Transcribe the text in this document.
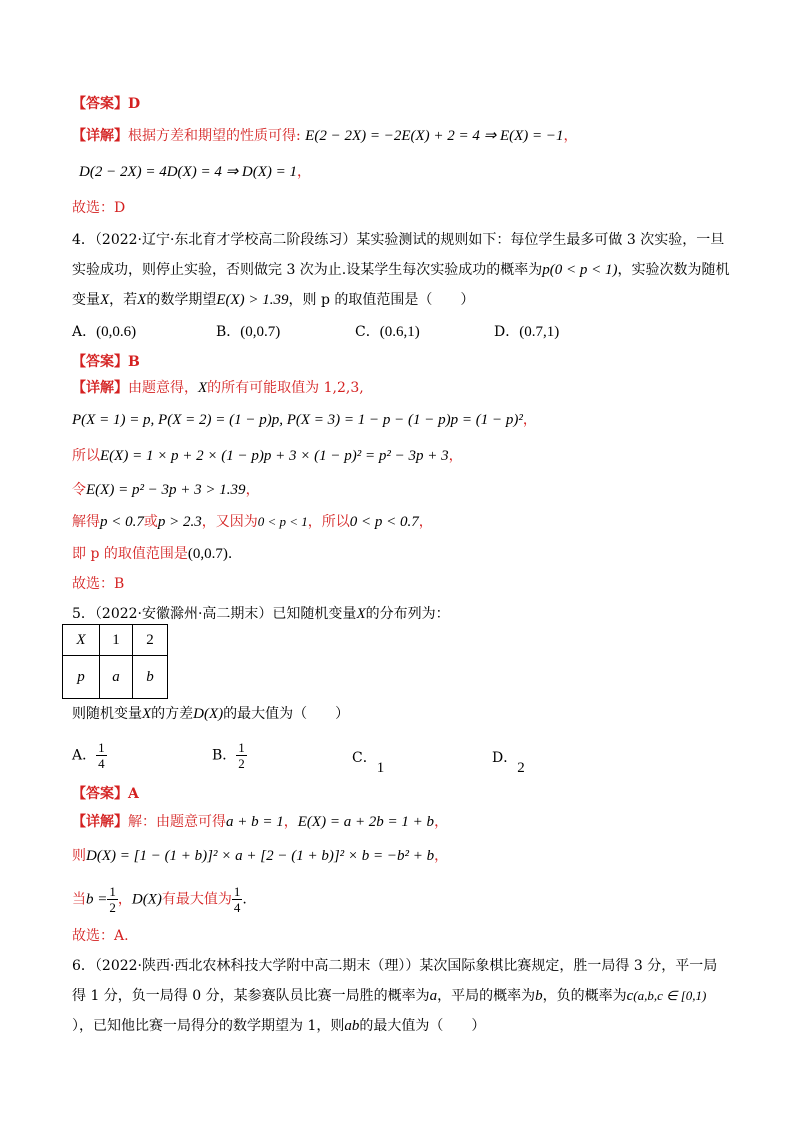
【答案】D
【详解】根据方差和期望的性质可得: E(2 − 2X) = −2E(X) + 2 = 4 ⇒ E(X) = −1，
D(2 − 2X) = 4D(X) = 4 ⇒ D(X) = 1，
故选：D
4．（2022·辽宁·东北育才学校高二阶段练习）某实验测试的规则如下：每位学生最多可做 3 次实验，一旦
实验成功，则停止实验，否则做完 3 次为止.设某学生每次实验成功的概率为p(0 < p < 1)，实验次数为随机
变量X，若X的数学期望E(X) > 1.39，则 p 的取值范围是（　　）
A．(0,0.6)	B．(0,0.7)	C．(0.6,1)	D．(0.7,1)
【答案】B
【详解】由题意得，X的所有可能取值为 1,2,3,
P(X = 1) = p, P(X = 2) = (1 − p)p, P(X = 3) = 1 − p − (1 − p)p = (1 − p)²，
所以E(X) = 1 × p + 2 × (1 − p)p + 3 × (1 − p)² = p² − 3p + 3，
令E(X) = p² − 3p + 3 > 1.39，
解得p < 0.7或p > 2.3，又因为0 < p < 1，所以0 < p < 0.7，
即 p 的取值范围是(0,0.7).
故选：B
5．（2022·安徽滁州·高二期末）已知随机变量X的分布列为：
X	1	2
p	a	b
则随机变量X的方差D(X)的最大值为（　　）
A． $\frac{1}{4}$	B． $\frac{1}{2}$	C．1
D．2
【答案】A
【详解】解：由题意可得a + b = 1，E(X) = a + 2b = 1 + b，
则D(X) = [1 − (1 + b)]² × a + [2 − (1 + b)]² × b = −b² + b，
当$b = \frac{1}{2}$ ，D(X)有最大值为 $\frac{1}{4}$ .
故选：A.
6．（2022·陕西·西北农林科技大学附中高二期末（理））某次国际象棋比赛规定，胜一局得 3 分，平一局
得 1 分，负一局得 0 分，某参赛队员比赛一局胜的概率为a，平局的概率为b，负的概率为c(a,b,c ∈ [0,1)
），已知他比赛一局得分的数学期望为 1，则ab的最大值为（　　）
